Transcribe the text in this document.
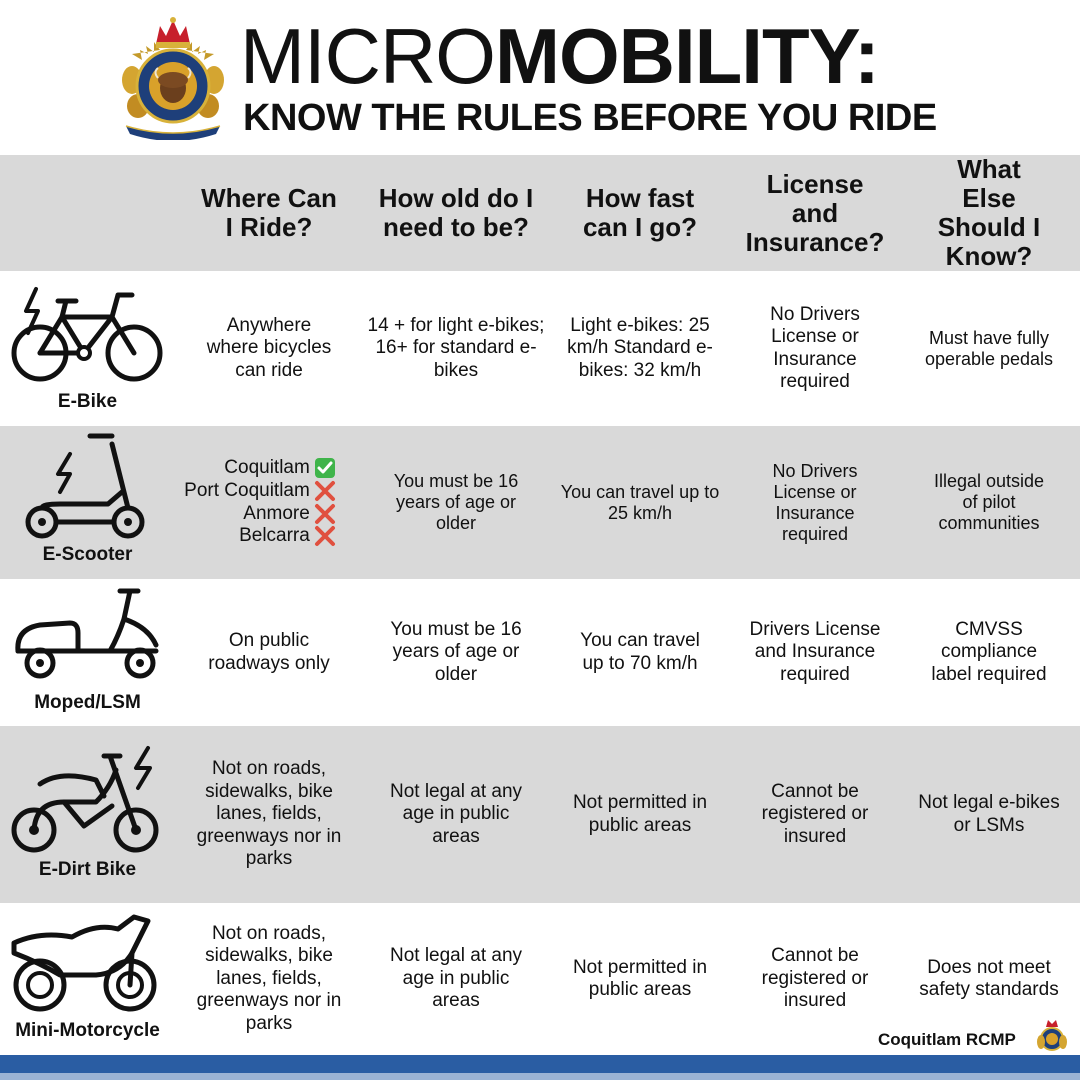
MICROMOBILITY:
KNOW THE RULES BEFORE YOU RIDE
Where Can I Ride?
How old do I need to be?
How fast can I go?
License and Insurance?
What Else Should I Know?
E-Bike
Anywhere where bicycles can ride
14 + for light e-bikes; 16+ for standard e-bikes
Light e-bikes: 25 km/h Standard e-bikes: 32 km/h
No Drivers License or Insurance required
Must have fully operable pedals
E-Scooter
Coquitlam
Port Coquitlam
Anmore
Belcarra
You must be 16 years of age or older
You can travel up to 25 km/h
No Drivers License or Insurance required
Illegal outside of pilot communities
Moped/LSM
On public roadways only
You must be 16 years of age or older
You can travel up to 70 km/h
Drivers License and Insurance required
CMVSS compliance label required
E-Dirt Bike
Not on roads, sidewalks, bike lanes, fields, greenways nor in parks
Not legal at any age in public areas
Not permitted in public areas
Cannot be registered or insured
Not legal e-bikes or LSMs
Mini-Motorcycle
Not on roads, sidewalks, bike lanes, fields, greenways nor in parks
Not legal at any age in public areas
Not permitted in public areas
Cannot be registered or insured
Does not meet safety standards
Coquitlam RCMP
